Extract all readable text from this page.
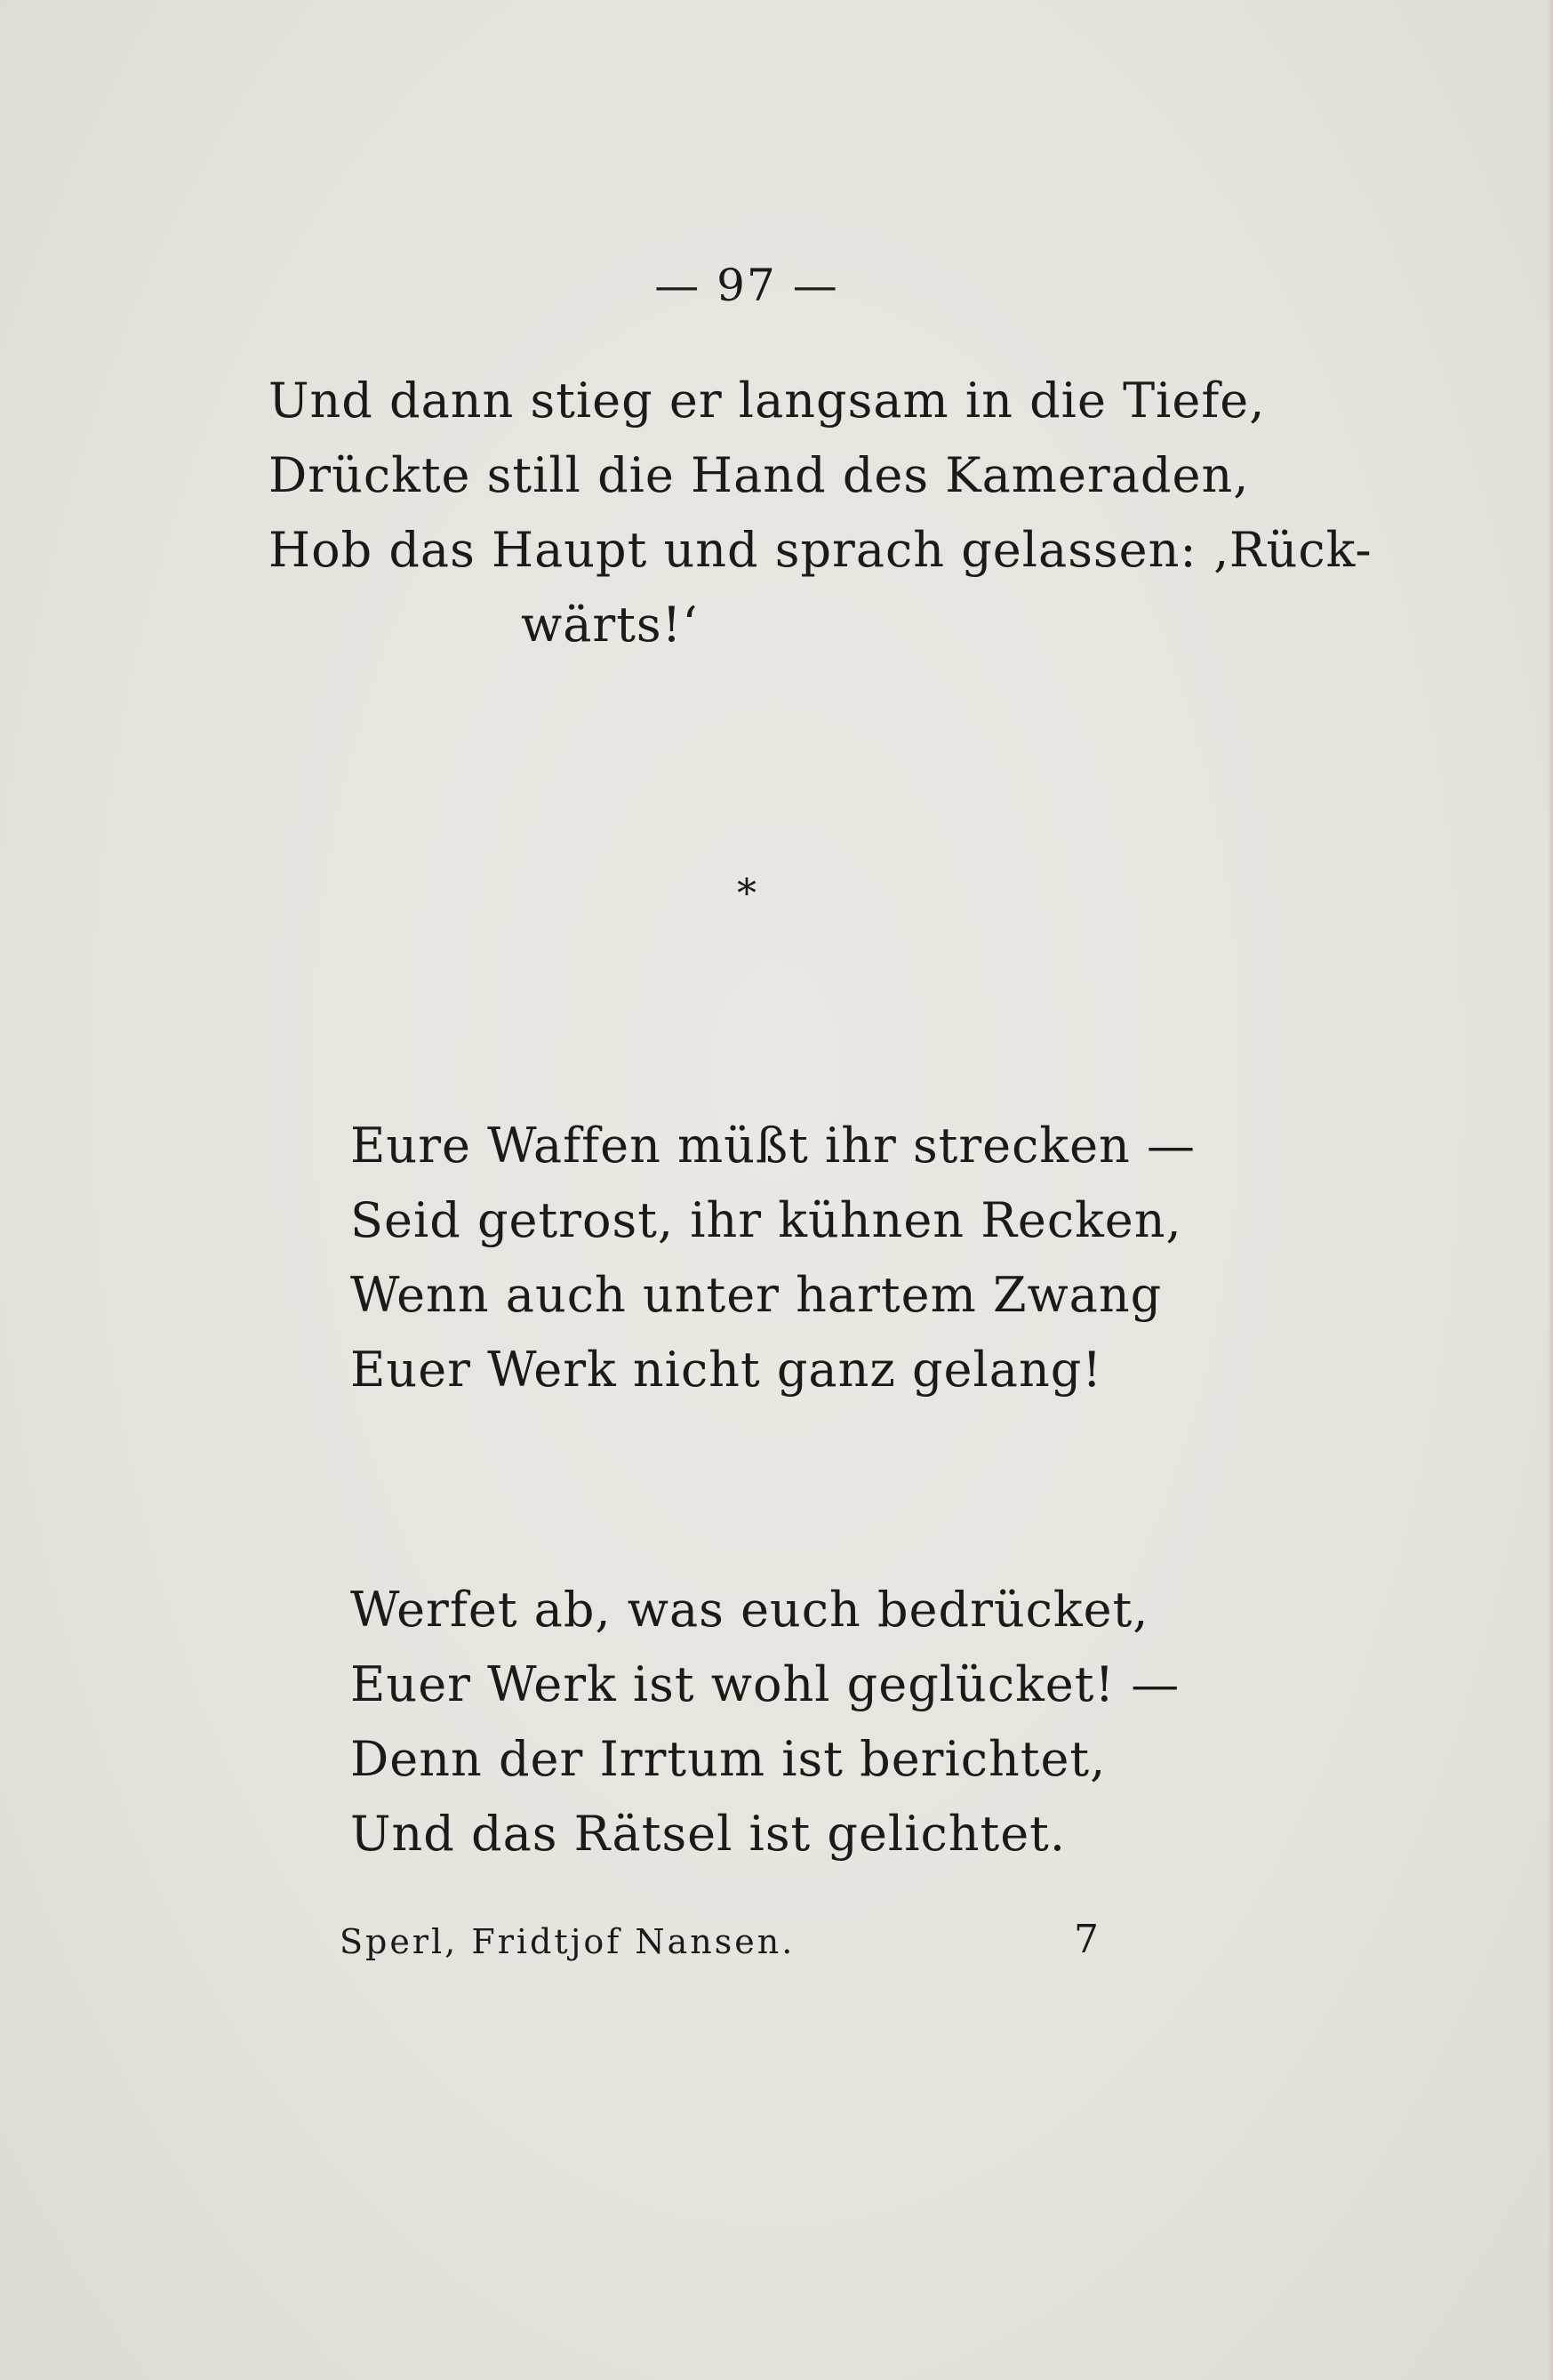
— 97 —
Und dann stieg er langsam in die Tiefe,
Drückte still die Hand des Kameraden,
Hob das Haupt und sprach gelassen: ‚Rück-
wärts!‘
*
Eure Waffen müßt ihr strecken —
Seid getrost, ihr kühnen Recken,
Wenn auch unter hartem Zwang
Euer Werk nicht ganz gelang!
Werfet ab, was euch bedrücket,
Euer Werk ist wohl geglücket! —
Denn der Irrtum ist berichtet,
Und das Rätsel ist gelichtet.
Sperl, Fridtjof Nansen.	7
